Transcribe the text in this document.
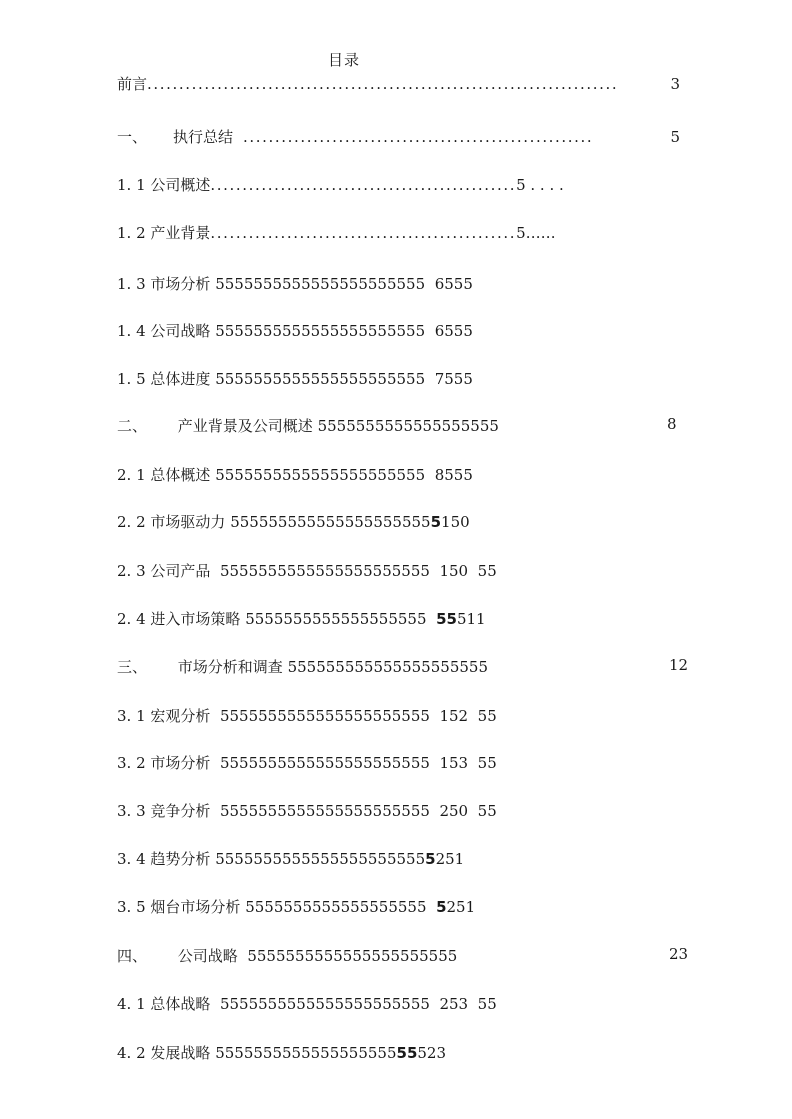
目录
前言 ..........................................................................	3
一、	执行总结 .......................................................	5
1. 1 公司概述 ................................................ 5 . . . .
1. 2 产业背景 ................................................ 5……
1. 3 市场分析 5555555555555555555555 6555
1. 4 公司战略 5555555555555555555555 6555
1. 5 总体进度 5555555555555555555555 7555
二、 产业背景及公司概述 5555555555555555555	8
2. 1 总体概述 5555555555555555555555 8555
2. 2 市场驱动力 5555555555555555555555150
2. 3 公司产品 5555555555555555555555 150 55
2. 4 进入市场策略 5555555555555555555 55511
三、 市场分析和调查 555555555555555555555	12
3. 1 宏观分析 5555555555555555555555 152 55
3. 2 市场分析 5555555555555555555555 153 55
3. 3 竞争分析 5555555555555555555555 250 55
3. 4 趋势分析 55555555555555555555555251
3. 5 烟台市场分析 5555555555555555555 5251
四、 公司战略 5555555555555555555555	23
4. 1 总体战略 5555555555555555555555 253 55
4. 2 发展战略 555555555555555555555523
